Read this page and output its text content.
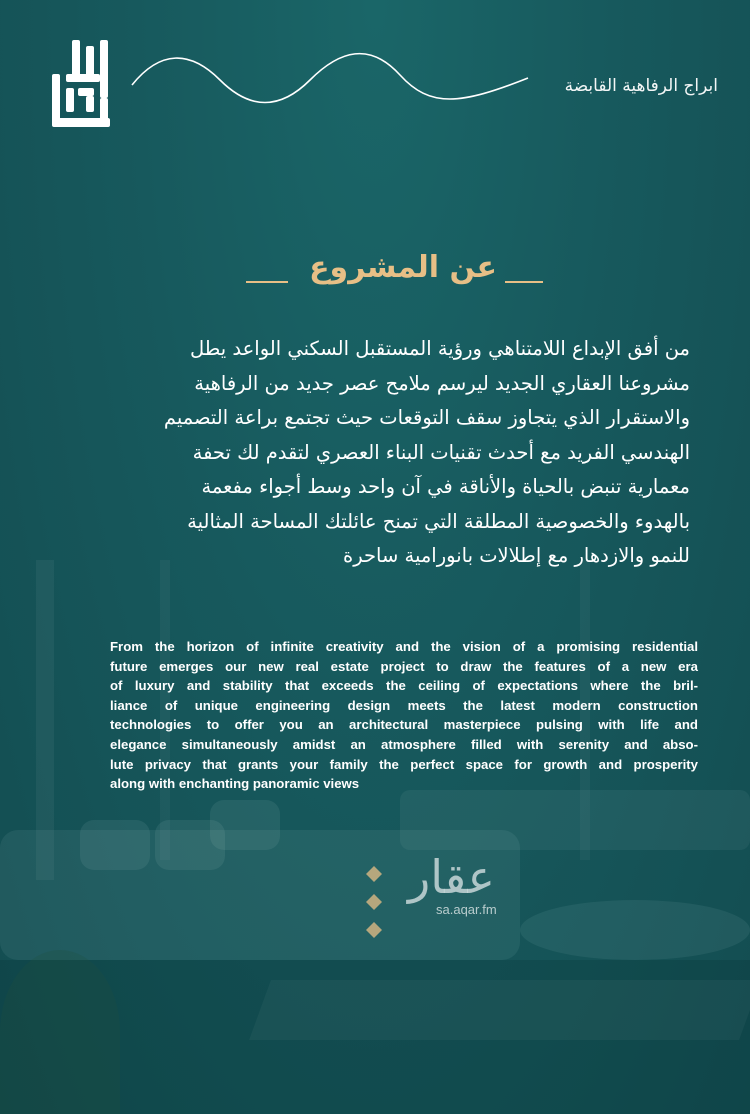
ابراج الرفاهية القابضة
عن المشروع
من أفق الإبداع اللامتناهي ورؤية المستقبل السكني الواعد يطل
مشروعنا العقاري الجديد ليرسم ملامح عصر جديد من الرفاهية
والاستقرار الذي يتجاوز سقف التوقعات حيث تجتمع براعة التصميم
الهندسي الفريد مع أحدث تقنيات البناء العصري لتقدم لك تحفة
معمارية تنبض بالحياة والأناقة في آن واحد وسط أجواء مفعمة
بالهدوء والخصوصية المطلقة التي تمنح عائلتك المساحة المثالية
للنمو والازدهار مع إطلالات بانورامية ساحرة
From the horizon of infinite creativity and the vision of a promising residential
future emerges our new real estate project to draw the features of a new era
of luxury and stability that exceeds the ceiling of expectations where the bril-
liance of unique engineering design meets the latest modern construction
technologies to offer you an architectural masterpiece pulsing with life and
elegance simultaneously amidst an atmosphere filled with serenity and abso-
lute privacy that grants your family the perfect space for growth and prosperity
along with enchanting panoramic views
عقار
sa.aqar.fm
